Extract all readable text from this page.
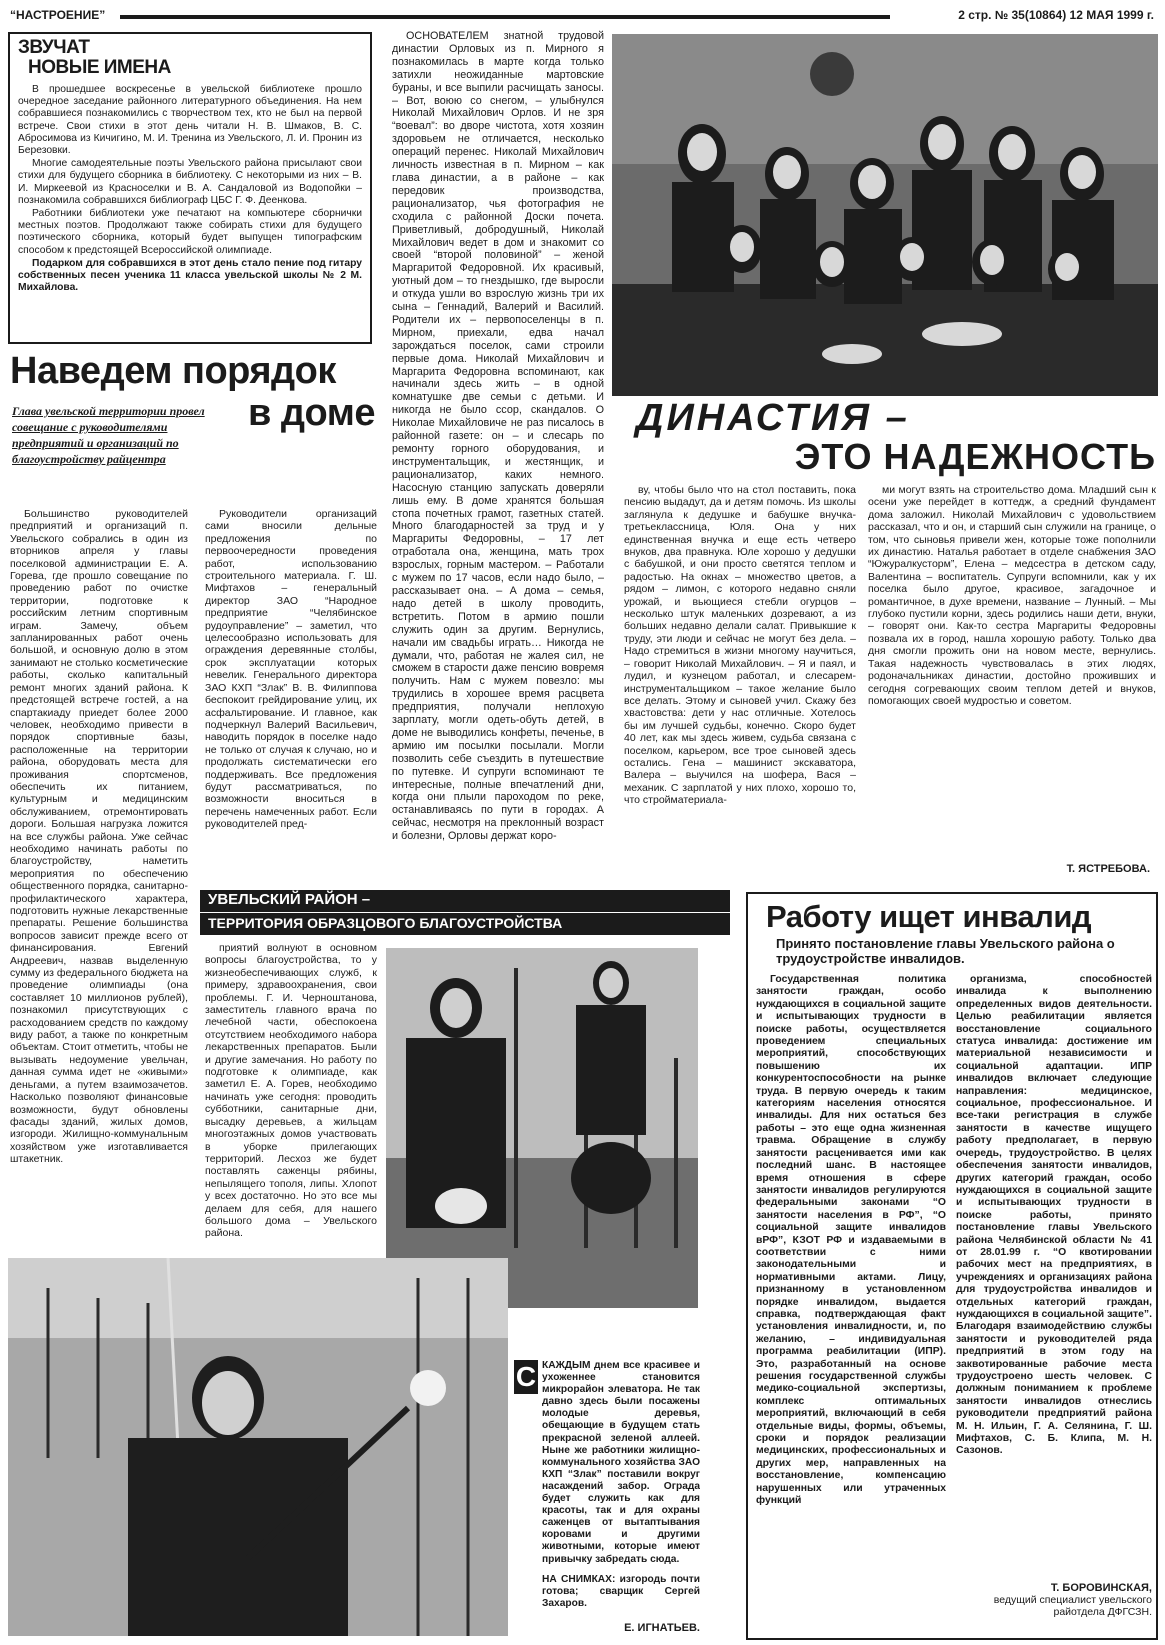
“НАСТРОЕНИЕ”	2 стр. № 35(10864) 12 МАЯ 1999 г.
ЗВУЧАТ
НОВЫЕ ИМЕНА

В прошедшее воскресенье в увельской библиотеке прошло очередное заседание районного литературного объединения. На нем собравшиеся познакомились с творчеством тех, кто не был на первой встрече. Свои стихи в этот день читали Н. В. Шмаков, В. С. Абросимова из Кичигино, М. И. Тренина из Увельского, Л. И. Пронин из Березовки.

Многие самодеятельные поэты Увельского района присылают свои стихи для будущего сборника в библиотеку. С некоторыми из них – В. И. Миркеевой из Красноселки и В. А. Сандаловой из Водопойки – познакомила собравшихся библиограф ЦБС Г. Ф. Деенкова.

Работники библиотеки уже печатают на компьютере сборнички местных поэтов. Продолжают также собирать стихи для будущего поэтического сборника, который будет выпущен типографским способом к предстоящей Всероссийской олимпиаде.

Подарком для собравшихся в этот день стало пение под гитару собственных песен ученика 11 класса увельской школы № 2 М. Михайлова.

Наведем порядок
в доме
Глава увельской территории провел совещание с руководителями предприятий и организаций по благоустройству райцентра

Большинство руководителей предприятий и организаций п. Увельского собрались в один из вторников апреля у главы поселковой администрации Е. А. Горева, где прошло совещание по проведению работ по очистке территории, подготовке к российским летним спортивным играм. Замечу, объем запланированных работ очень большой, и основную долю в этом занимают не столько косметические работы, сколько капитальный ремонт многих зданий района. К предстоящей встрече гостей, а на спартакиаду приедет более 2000 человек, необходимо привести в порядок спортивные базы, расположенные на территории района, оборудовать места для проживания спортсменов, обеспечить их питанием, культурным и медицинским обслуживанием, отремонтировать дороги. Большая нагрузка ложится на все службы района. Уже сейчас необходимо начинать работы по благоустройству, наметить мероприятия по обеспечению общественного порядка, санитарно-профилактического характера, подготовить нужные лекарственные препараты. Решение большинства вопросов зависит прежде всего от финансирования. Евгений Андреевич, назвав выделенную сумму из федерального бюджета на проведение олимпиады (она составляет 10 миллионов рублей), познакомил присутствующих с расходованием средств по каждому виду работ, а также по конкретным объектам. Стоит отметить, чтобы не вызывать недоумение увельчан, данная сумма идет не «живыми» деньгами, а путем взаимозачетов. Насколько позволяют финансовые возможности, будут обновлены фасады зданий, жилых домов, изгороди. Жилищно-коммунальным хозяйством уже изготавливается штакетник.

Руководители организаций сами вносили дельные предложения по первоочередности проведения работ, использованию строительного материала. Г. Ш. Мифтахов – генеральный директор ЗАО “Народное предприятие “Челябинское рудоуправление” – заметил, что целесообразно использовать для ограждения деревянные столбы, срок эксплуатации которых невелик. Генерального директора ЗАО КХП “Злак” В. В. Филиппова беспокоит грейдирование улиц, их асфальтирование. И главное, как подчеркнул Валерий Васильевич, наводить порядок в поселке надо не только от случая к случаю, но и продолжать систематически его поддерживать. Все предложения будут рассматриваться, по возможности вноситься в перечень намеченных работ. Если руководителей пред-

ОСНОВАТЕЛЕМ знатной трудовой династии Орловых из п. Мирного я познакомилась в марте когда только затихли неожиданные мартовские бураны, и все выпили расчищать заносы. – Вот, воюю со снегом, – улыбнулся Николай Михайлович Орлов. И не зря “воевал”: во дворе чистота, хотя хозяин здоровьем не отличается, несколько операций перенес. Николай Михайлович личность известная в п. Мирном – как глава династии, а в районе – как передовик производства, рационализатор, чья фотография не сходила с районной Доски почета. Приветливый, добродушный, Николай Михайлович ведет в дом и знакомит со своей “второй половиной” – женой Маргаритой Федоровной. Их красивый, уютный дом – то гнездышко, где выросли и откуда ушли во взрослую жизнь три их сына – Геннадий, Валерий и Василий. Родители их – первопоселенцы в п. Мирном, приехали, едва начал зарождаться поселок, сами строили первые дома. Николай Михайлович и Маргарита Федоровна вспоминают, как начинали здесь жить – в одной комнатушке две семьи с детьми. И никогда не было ссор, скандалов. О Николае Михайловиче не раз писалось в районной газете: он – и слесарь по ремонту горного оборудования, и инструментальщик, и жестянщик, и рационализатор, каких немного. Насосную станцию запускать доверяли лишь ему. В доме хранятся большая стопа почетных грамот, газетных статей. Много благодарностей за труд и у Маргариты Федоровны, – 17 лет отработала она, женщина, мать трох взрослых, горным мастером. – Работали с мужем по 17 часов, если надо было, – рассказывает она. – А дома – семья, надо детей в школу проводить, встретить. Потом в армию пошли служить один за другим. Вернулись, начали им свадьбы играть… Никогда не думали, что, работая не жалея сил, не сможем в старости даже пенсию вовремя получить. Нам с мужем повезло: мы трудились в хорошее время расцвета предприятия, получали неплохую зарплату, могли одеть-обуть детей, в доме не выводились конфеты, печенье, в армию им посылки посылали. Могли позволить себе съездить в путешествие по путевке. И супруги вспоминают те интересные, полные впечатлений дни, когда они плыли пароходом по реке, останавливаясь по пути в городах. А сейчас, несмотря на преклонный возраст и болезни, Орловы держат коро-

ДИНАСТИЯ –
ЭТО НАДЕЖНОСТЬ

ву, чтобы было что на стол поставить, пока пенсию выдадут, да и детям помочь. Из школы заглянула к дедушке и бабушке внучка-третьеклассница, Юля. Она у них единственная внучка и еще есть четверо внуков, два правнука. Юле хорошо у дедушки с бабушкой, и они просто светятся теплом и радостью. На окнах – множество цветов, а рядом – лимон, с которого недавно сняли урожай, и вьющиеся стебли огурцов – несколько штук маленьких дозревают, а из больших недавно делали салат. Привыкшие к труду, эти люди и сейчас не могут без дела. – Надо стремиться в жизни многому научиться, – говорит Николай Михайлович. – Я и паял, и лудил, и кузнецом работал, и слесарем-инструментальщиком – такое желание было все делать. Этому и сыновей учил. Скажу без хвастовства: дети у нас отличные. Хотелось бы им лучшей судьбы, конечно. Скоро будет 40 лет, как мы здесь живем, судьба связана с поселком, карьером, все трое сыновей здесь остались. Гена – машинист экскаватора, Валера – выучился на шофера, Вася – механик. С зарплатой у них плохо, хорошо то, что стройматериала-

ми могут взять на строительство дома. Младший сын к осени уже перейдет в коттедж, а средний фундамент дома заложил. Николай Михайлович с удовольствием рассказал, что и он, и старший сын служили на границе, о том, что сыновья привели жен, которые тоже пополнили их династию. Наталья работает в отделе снабжения ЗАО “Южуралкусторм”, Елена – медсестра в детском саду, Валентина – воспитатель. Супруги вспомнили, как у их поселка было другое, красивое, загадочное и романтичное, в духе времени, название – Лунный. – Мы глубоко пустили корни, здесь родились наши дети, внуки, – говорят они. Как-то сестра Маргариты Федоровны позвала их в город, нашла хорошую работу. Только два дня смогли прожить они на новом месте, вернулись. Такая надежность чувствовалась в этих людях, родоначальниках династии, достойно проживших и сегодня согревающих своим теплом детей и внуков, помогающих своей мудростью и советом.

Т. ЯСТРЕБОВА.
УВЕЛЬСКИЙ РАЙОН –
ТЕРРИТОРИЯ ОБРАЗЦОВОГО БЛАГОУСТРОЙСТВА

приятий волнуют в основном вопросы благоустройства, то у жизнеобеспечивающих служб, к примеру, здравоохранения, свои проблемы. Г. И. Черноштанова, заместитель главного врача по лечебной части, обеспокоена отсутствием необходимого набора лекарственных препаратов. Были и другие замечания. Но работу по подготовке к олимпиаде, как заметил Е. А. Горев, необходимо начинать уже сегодня: проводить субботники, санитарные дни, высадку деревьев, а жильцам многоэтажных домов участвовать в уборке прилегающих территорий. Лесхоз же будет поставлять саженцы рябины, непылящего тополя, липы. Хлопот у всех достаточно. Но это все мы делаем для себя, для нашего большого дома – Увельского района.

С КАЖДЫМ днем все красивее и ухоженнее становится микрорайон элеватора. Не так давно здесь были посажены молодые деревья, обещающие в будущем стать прекрасной зеленой аллеей. Ныне же работники жилищно-коммунального хозяйства ЗАО КХП “Злак” поставили вокруг насаждений забор. Ограда будет служить как для красоты, так и для охраны саженцев от вытаптывания коровами и другими животными, которые имеют привычку забредать сюда.
НА СНИМКАХ: изгородь почти готова; сварщик Сергей Захаров.
Е. ИГНАТЬЕВ.
Работу ищет инвалид
Принято постановление главы Увельского района о трудоустройстве инвалидов.

Государственная политика занятости граждан, особо нуждающихся в социальной защите и испытывающих трудности в поиске работы, осуществляется проведением специальных мероприятий, способствующих повышению их конкурентоспособности на рынке труда. В первую очередь к таким категориям населения относятся инвалиды. Для них остаться без работы – это еще одна жизненная травма. Обращение в службу занятости расценивается ими как последний шанс. В настоящее время отношения в сфере занятости инвалидов регулируются федеральными законами “О занятости населения в РФ”, “О социальной защите инвалидов вРФ”, КЗОТ РФ и издаваемыми в соответствии с ними законодательными и нормативными актами. Лицу, признанному в установленном порядке инвалидом, выдается справка, подтверждающая факт установления инвалидности, и, по желанию, – индивидуальная программа реабилитации (ИПР). Это, разработанный на основе решения государственной службы медико-социальной экспертизы, комплекс оптимальных мероприятий, включающий в себя отдельные виды, формы, объемы, сроки и порядок реализации медицинских, профессиональных и других мер, направленных на восстановление, компенсацию нарушенных или утраченных функций

организма, способностей инвалида к выполнению определенных видов деятельности. Целью реабилитации является восстановление социального статуса инвалида: достижение им материальной независимости и социальной адаптации. ИПР инвалидов включает следующие направления: медицинское, социальное, профессиональное. И все-таки регистрация в службе занятости в качестве ищущего работу предполагает, в первую очередь, трудоустройство. В целях обеспечения занятости инвалидов, других категорий граждан, особо нуждающихся в социальной защите и испытывающих трудности в поиске работы, принято постановление главы Увельского района Челябинской области № 41 от 28.01.99 г. “О квотировании рабочих мест на предприятиях, в учреждениях и организациях района для трудоустройства инвалидов и отдельных категорий граждан, нуждающихся в социальной защите”. Благодаря взаимодействию службы занятости и руководителей ряда предприятий в этом году на заквотированные рабочие места трудоустроено шесть человек. С должным пониманием к проблеме занятости инвалидов отнеслись руководители предприятий района М. Н. Ильин, Г. А. Селянина, Г. Ш. Мифтахов, С. Б. Клипа, М. Н. Сазонов.

Т. БОРОВИНСКАЯ,
ведущий специалист увельского райотдела ДФГСЗН.
